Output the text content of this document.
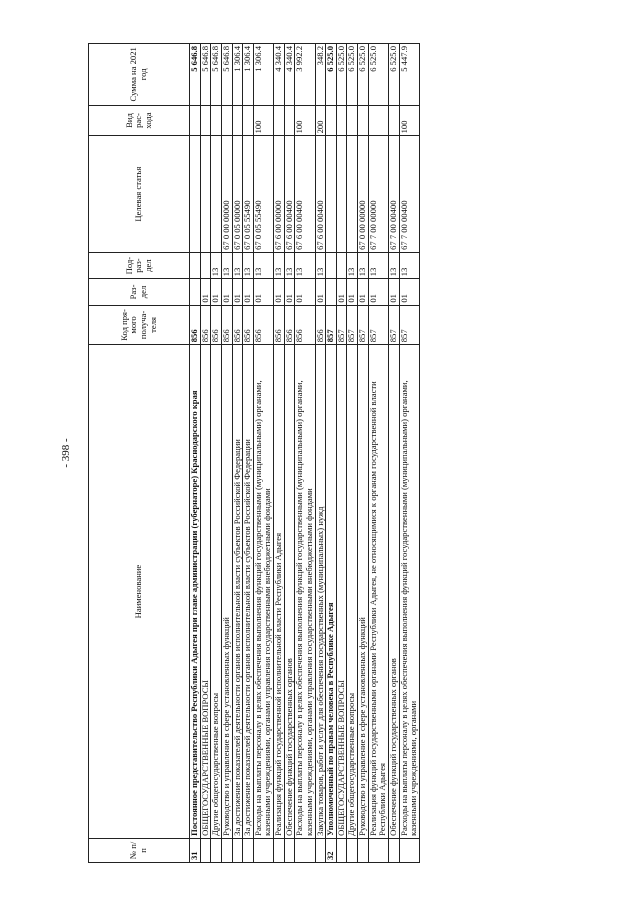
- 398 -
№ п/п	Наименование	Код пря- мого получа- теля	Раз- дел	Под- раз- дел	Целевая статья	Вид рас- хода	Сумма на 2021 год
31	Постоянное представительство Республики Адыгея при главе администрации (губернаторе) Краснодарского края	856					5 646.8
	ОБЩЕГОСУДАРСТВЕННЫЕ ВОПРОСЫ	856	01				5 646.8
	Другие общегосударственные вопросы	856	01	13			5 646.8
	Руководство и управление в сфере установленных функций	856	01	13	67 0 00 00000		5 646.8
	За достижение показателей деятельности органов исполнительной власти субъектов Российской Федерации	856	01	13	67 0 05 00000		1 306.4
	За достижение показателей деятельности органов исполнительной власти субъектов Российской Федерации	856	01	13	67 0 05 55490		1 306.4
	Расходы на выплаты персоналу в целях обеспечения выполнения функций государственными (муниципальными) органами, казенными учреждениями, органами управления государственными внебюджетными фондами	856	01	13	67 0 05 55490	100	1 306.4
	Реализация функций государственной исполнительной власти Республики Адыгея	856	01	13	67 6 00 00000		4 340.4
	Обеспечение функций государственных органов	856	01	13	67 6 00 00400		4 340.4
	Расходы на выплаты персоналу в целях обеспечения выполнения функций государственными (муниципальными) органами, казенными учреждениями, органами управления государственными внебюджетными фондами	856	01	13	67 6 00 00400	100	3 992.2
	Закупка товаров, работ и услуг для обеспечения государственных (муниципальных) нужд	856	01	13	67 6 00 00400	200	348.2
32	Уполномоченный по правам человека в Республике Адыгея	857					6 525.0
	ОБЩЕГОСУДАРСТВЕННЫЕ ВОПРОСЫ	857	01				6 525.0
	Другие общегосударственные вопросы	857	01	13			6 525.0
	Руководство и управление в сфере установленных функций	857	01	13	67 0 00 00000		6 525.0
	Реализация функций государственными органами Республики Адыгея, не относящимися к органам государственной власти Республики Адыгея	857	01	13	67 7 00 00000		6 525.0
	Обеспечение функций государственных органов	857	01	13	67 7 00 00400		6 525.0
	Расходы на выплаты персоналу в целях обеспечения выполнения функций государственными (муниципальными) органами, казенными учреждениями, органами	857	01	13	67 7 00 00400	100	5 447.9
